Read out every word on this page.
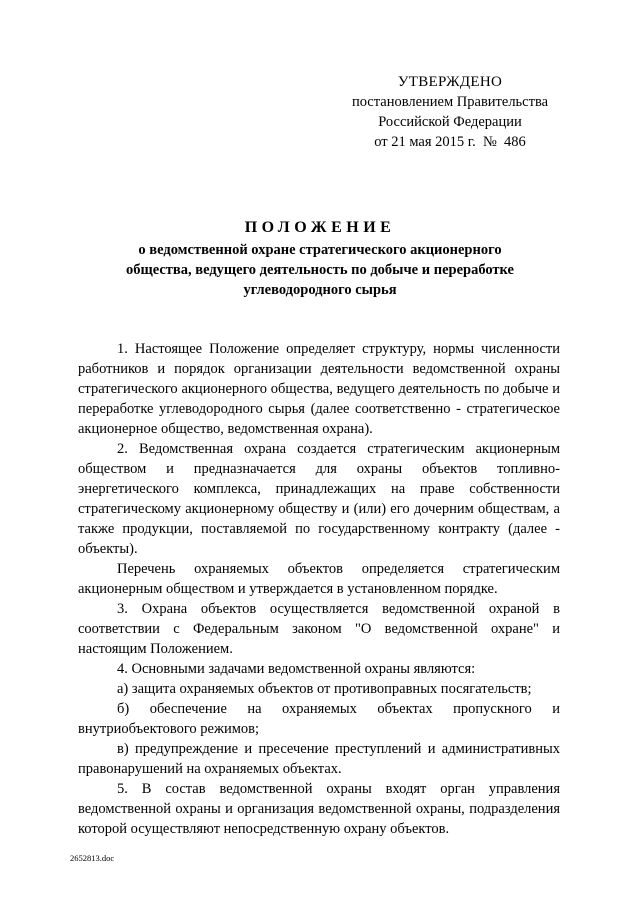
УТВЕРЖДЕНО
постановлением Правительства
Российской Федерации
от 21 мая 2015 г.  №  486
ПОЛОЖЕНИЕ
о ведомственной охране стратегического акционерного
общества, ведущего деятельность по добыче и переработке
углеводородного сырья

1. Настоящее Положение определяет структуру, нормы численности работников и порядок организации деятельности ведомственной охраны стратегического акционерного общества, ведущего деятельность по добыче и переработке углеводородного сырья (далее соответственно - стратегическое акционерное общество, ведомственная охрана).

2. Ведомственная охрана создается стратегическим акционерным обществом и предназначается для охраны объектов топливно-энергетического комплекса, принадлежащих на праве собственности стратегическому акционерному обществу и (или) его дочерним обществам, а также продукции, поставляемой по государственному контракту (далее - объекты).

Перечень охраняемых объектов определяется стратегическим акционерным обществом и утверждается в установленном порядке.

3. Охрана объектов осуществляется ведомственной охраной в соответствии с Федеральным законом "О ведомственной охране" и настоящим Положением.

4. Основными задачами ведомственной охраны являются:

а) защита охраняемых объектов от противоправных посягательств;

б) обеспечение на охраняемых объектах пропускного и внутриобъектового режимов;

в) предупреждение и пресечение преступлений и административных правонарушений на охраняемых объектах.

5. В состав ведомственной охраны входят орган управления ведомственной охраны и организация ведомственной охраны, подразделения которой осуществляют непосредственную охрану объектов.

2652813.doc
